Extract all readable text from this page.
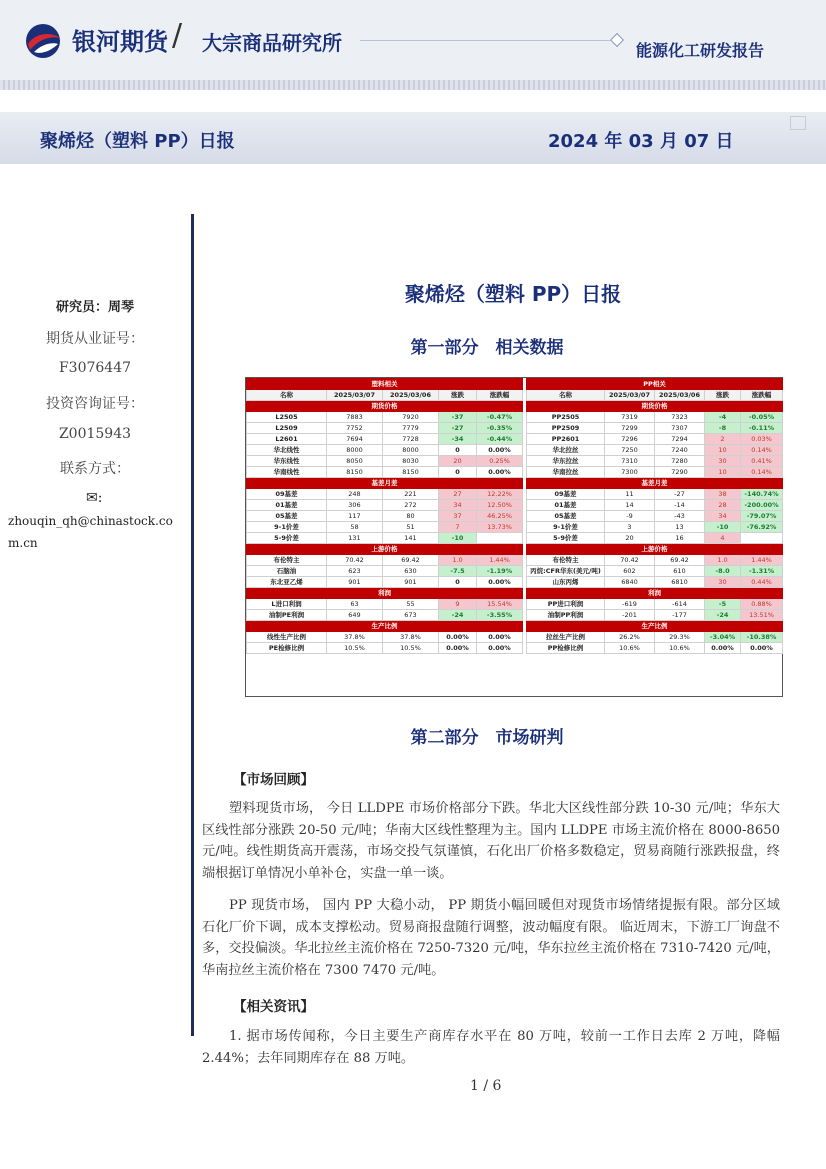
银河期货 / 大宗商品研究所	能源化工研发报告
聚烯烃（塑料 PP）日报	2024 年 03 月 07 日
研究员：周琴
期货从业证号：
F3076447
投资咨询证号：
Z0015943
联系方式：
✉:
zhouqin_qh@chinastock.com.cn
聚烯烃（塑料 PP）日报
第一部分　相关数据
塑料相关				
名称	2025/03/07	2025/03/06	涨跌	涨跌幅
期货价格				
L2505	7883	7920	-37	-0.47%
L2509	7752	7779	-27	-0.35%
L2601	7694	7728	-34	-0.44%
华北线性	8000	8000	0	0.00%
华东线性	8050	8030	20	0.25%
华南线性	8150	8150	0	0.00%
基差月差				
09基差	248	221	27	12.22%
01基差	306	272	34	12.50%
05基差	117	80	37	46.25%
9-1价差	58	51	7	13.73%
5-9价差	131	141	-10	
上游价格				
布伦特主	70.42	69.42	1.0	1.44%
石脑油	623	630	-7.5	-1.19%
东北亚乙烯	901	901	0	0.00%
利润				
L进口利润	63	55	9	15.54%
油制PE利润	649	673	-24	-3.55%
生产比例				
线性生产比例	37.8%	37.8%	0.00%	0.00%
PE检修比例	10.5%	10.5%	0.00%	0.00%
PP相关				
名称	2025/03/07	2025/03/06	涨跌	涨跌幅
期货价格				
PP2505	7319	7323	-4	-0.05%
PP2509	7299	7307	-8	-0.11%
PP2601	7296	7294	2	0.03%
华北拉丝	7250	7240	10	0.14%
华东拉丝	7310	7280	30	0.41%
华南拉丝	7300	7290	10	0.14%
基差月差				
09基差	11	-27	38	-140.74%
01基差	14	-14	28	-200.00%
05基差	-9	-43	34	-79.07%
9-1价差	3	13	-10	-76.92%
5-9价差	20	16	4	
上游价格				
布伦特主	70.42	69.42	1.0	1.44%
丙烷:CFR华东(美元/吨)	602	610	-8.0	-1.31%
山东丙烯	6840	6810	30	0.44%
利润				
PP进口利润	-619	-614	-5	0.88%
油制PP利润	-201	-177	-24	13.51%
生产比例				
拉丝生产比例	26.2%	29.3%	-3.04%	-10.38%
PP检修比例	10.6%	10.6%	0.00%	0.00%
第二部分　市场研判
【市场回顾】
塑料现货市场， 今日 LLDPE 市场价格部分下跌。华北大区线性部分跌 10-30 元/吨；华东大区线性部分涨跌 20-50 元/吨；华南大区线性整理为主。国内 LLDPE 市场主流价格在 8000-8650 元/吨。线性期货高开震荡，市场交投气氛谨慎，石化出厂价格多数稳定，贸易商随行涨跌报盘，终端根据订单情况小单补仓，实盘一单一谈。
PP 现货市场， 国内 PP 大稳小动， PP 期货小幅回暖但对现货市场情绪提振有限。部分区域石化厂价下调，成本支撑松动。贸易商报盘随行调整，波动幅度有限。 临近周末，下游工厂询盘不多，交投偏淡。华北拉丝主流价格在 7250-7320 元/吨，华东拉丝主流价格在 7310-7420 元/吨，华南拉丝主流价格在 7300 7470 元/吨。
【相关资讯】
1. 据市场传闻称，今日主要生产商库存水平在 80 万吨，较前一工作日去库 2 万吨，降幅 2.44%；去年同期库存在 88 万吨。
1 / 6
